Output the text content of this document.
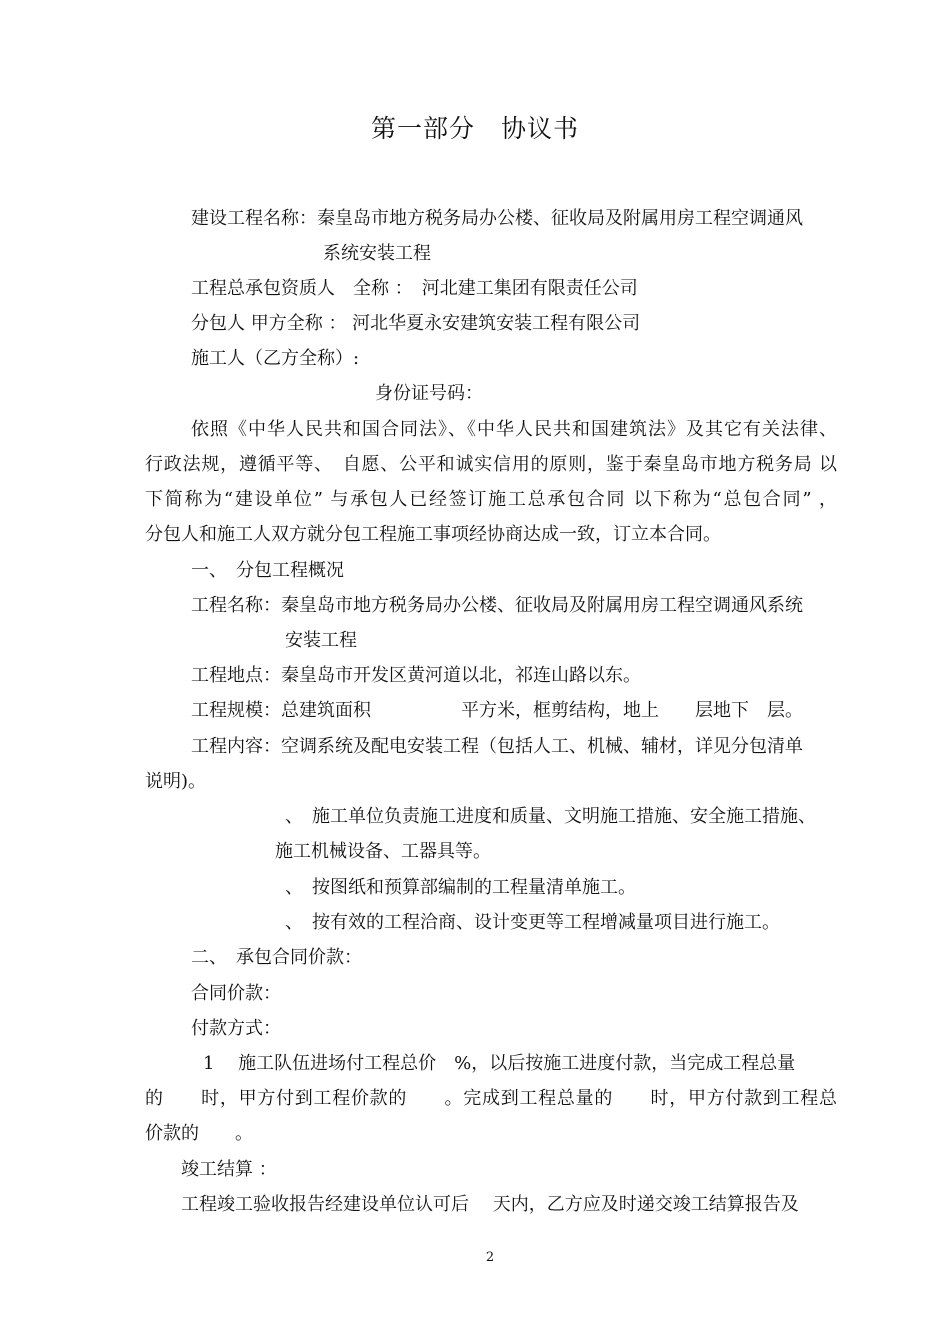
第一部分　协议书
建设工程名称：秦皇岛市地方税务局办公楼、征收局及附属用房工程空调通风
系统安装工程
工程总承包资质人　全称 ：　河北建工集团有限责任公司
分包人 甲方全称 ： 河北华夏永安建筑安装工程有限公司
施工人（乙方全称）:
身份证号码：
依照《中华人民共和国合同法》、《中华人民共和国建筑法》及其它有关法律、
行政法规，遵循平等、　自愿、公平和诚实信用的原则，鉴于秦皇岛市地方税务局 以
下简称为“建设单位” 与承包人已经签订施工总承包合同 以下称为“总包合同” ，
分包人和施工人双方就分包工程施工事项经协商达成一致，订立本合同。
一、　分包工程概况
工程名称：秦皇岛市地方税务局办公楼、征收局及附属用房工程空调通风系统
安装工程
工程地点：秦皇岛市开发区黄河道以北，祁连山路以东。
工程规模：总建筑面积　　　　　平方米，框剪结构，地上　　层地下　层。
工程内容：空调系统及配电安装工程（包括人工、机械、辅材，详见分包清单
说明)。
、　施工单位负责施工进度和质量、文明施工措施、安全施工措施、
施工机械设备、工器具等。
、　按图纸和预算部编制的工程量清单施工。
、　按有效的工程洽商、设计变更等工程增减量项目进行施工。
二、　承包合同价款：
合同价款：
付款方式：
1　 施工队伍进场付工程总价　%，以后按施工进度付款，当完成工程总量
的　　时，甲方付到工程价款的　　。完成到工程总量的　　时，甲方付款到工程总
价款的　　。
竣工结算 ：
工程竣工验收报告经建设单位认可后　 天内，乙方应及时递交竣工结算报告及
2
